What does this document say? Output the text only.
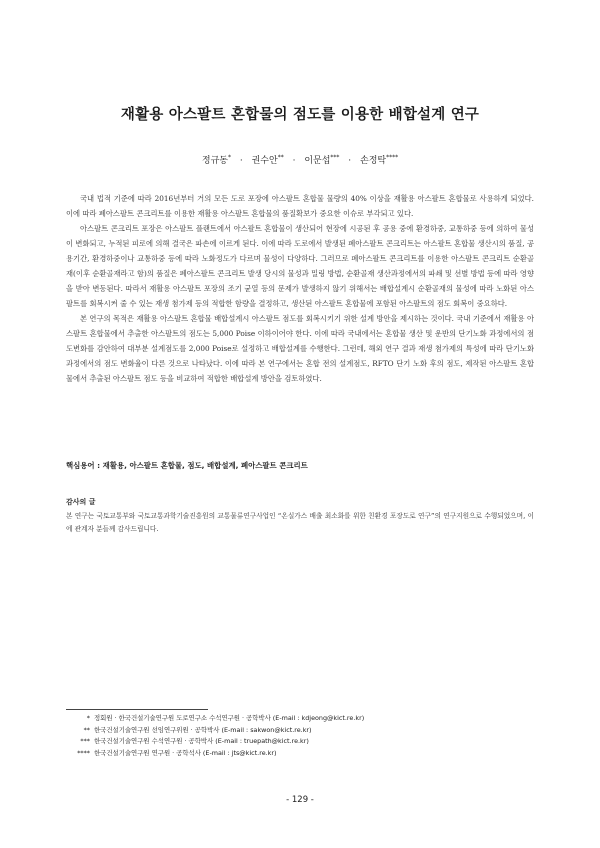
재활용 아스팔트 혼합물의 점도를 이용한 배합설계 연구
정규동* · 권수안** · 이문섭*** · 손정탁****

국내 법적 기준에 따라 2016년부터 거의 모든 도로 포장에 아스팔트 혼합물 물량의 40% 이상을 재활용 아스팔트 혼합물로 사용하게 되었다. 이에 따라 폐아스팔트 콘크리트를 이용한 재활용 아스팔트 혼합물의 품질확보가 중요한 이슈로 부각되고 있다.

아스팔트 콘크리트 포장은 아스팔트 플랜트에서 아스팔트 혼합물이 생산되어 현장에 시공된 후 공용 중에 환경하중, 교통하중 등에 의하여 물성이 변화되고, 누적된 피로에 의해 결국은 파손에 이르게 된다. 이에 따라 도로에서 발생된 폐아스팔트 콘크리트는 아스팔트 혼합물 생산시의 품질, 공용기간, 환경하중이나 교통하중 등에 따라 노화정도가 다르며 물성이 다양하다. 그러므로 폐아스팔트 콘크리트를 이용한 아스팔트 콘크리트 순환골재(이후 순환골재라고 함)의 품질은 폐아스팔트 콘크리트 발생 당시의 물성과 밀링 방법, 순환골재 생산과정에서의 파쇄 및 선별 방법 등에 따라 영향을 받아 변동된다. 따라서 재활용 아스팔트 포장의 조기 균열 등의 문제가 발생하지 않기 위해서는 배합설계시 순환골재의 물성에 따라 노화된 아스팔트를 회복시켜 줄 수 있는 재생 첨가제 등의 적합한 함량을 결정하고, 생산된 아스팔트 혼합물에 포함된 아스팔트의 점도 회복이 중요하다.

본 연구의 목적은 재활용 아스팔트 혼합물 배합설계시 아스팔트 점도를 회복시키기 위한 설계 방안을 제시하는 것이다. 국내 기준에서 재활용 아스팔트 혼합물에서 추출한 아스팔트의 점도는 5,000 Poise 이하이어야 한다. 이에 따라 국내에서는 혼합물 생산 및 운반의 단기노화 과정에서의 점도변화를 감안하여 대부분 설계점도를 2,000 Poise로 설정하고 배합설계를 수행한다. 그런데, 해외 연구 결과 재생 첨가제의 특성에 따라 단기노화 과정에서의 점도 변화율이 다른 것으로 나타났다. 이에 따라 본 연구에서는 혼합 전의 설계점도, RFTO 단기 노화 후의 점도, 제작된 아스팔트 혼합물에서 추출된 아스팔트 점도 등을 비교하여 적합한 배합설계 방안을 검토하였다.

핵심용어 : 재활용, 아스팔트 혼합물, 점도, 배합설계, 폐아스팔트 콘크리트
감사의 글
본 연구는 국토교통부와 국토교통과학기술진흥원의 교통물류연구사업인 “온실가스 배출 최소화를 위한 친환경 포장도로 연구”의 연구지원으로 수행되었으며, 이에 관계자 분들께 감사드립니다.
* 정회원 · 한국건설기술연구원 도로연구소 수석연구원 · 공학박사 (E-mail : kdjeong@kict.re.kr)
** 한국건설기술연구원 선임연구위원 · 공학박사 (E-mail : sakwon@kict.re.kr)
*** 한국건설기술연구원 수석연구원 · 공학박사 (E-mail : truepath@kict.re.kr)
**** 한국건설기술연구원 연구원 · 공학석사 (E-mail : jts@kict.re.kr)
- 129 -
